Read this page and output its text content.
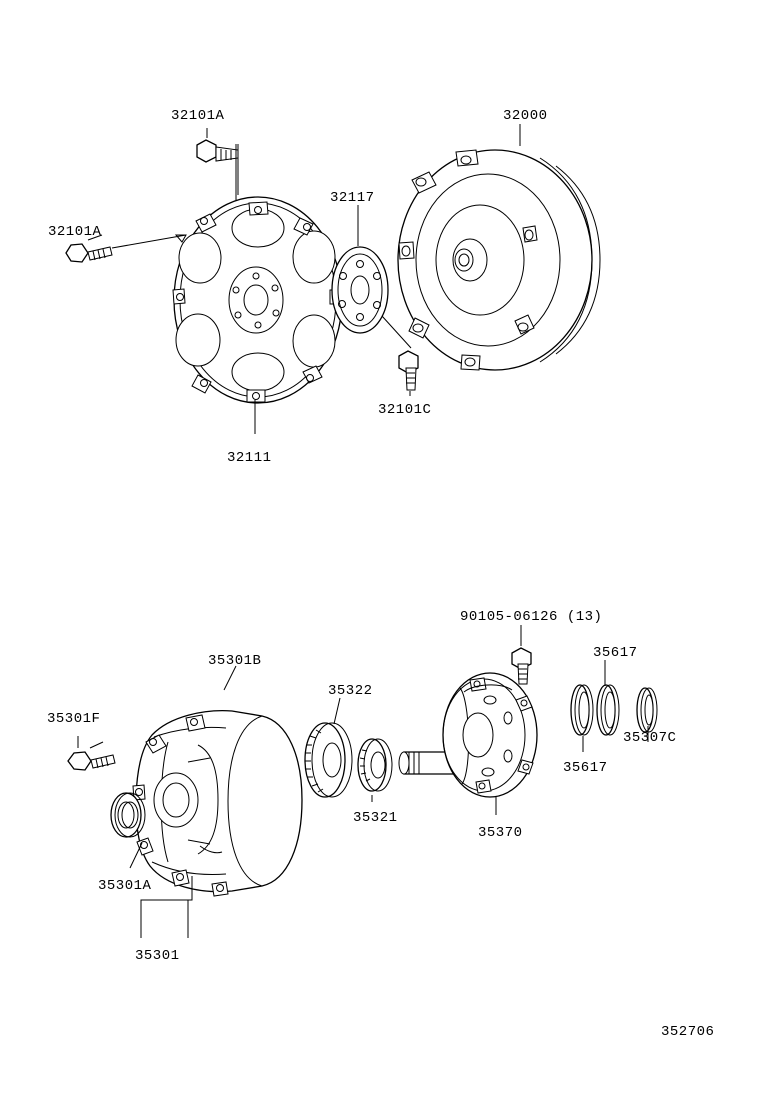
32101A	32000
32117
32101A
32101C
32111
90105-06126 (13)
35617
35301B
35322
35301F
35307C
35617
35321
35370
35301A
35301
352706
